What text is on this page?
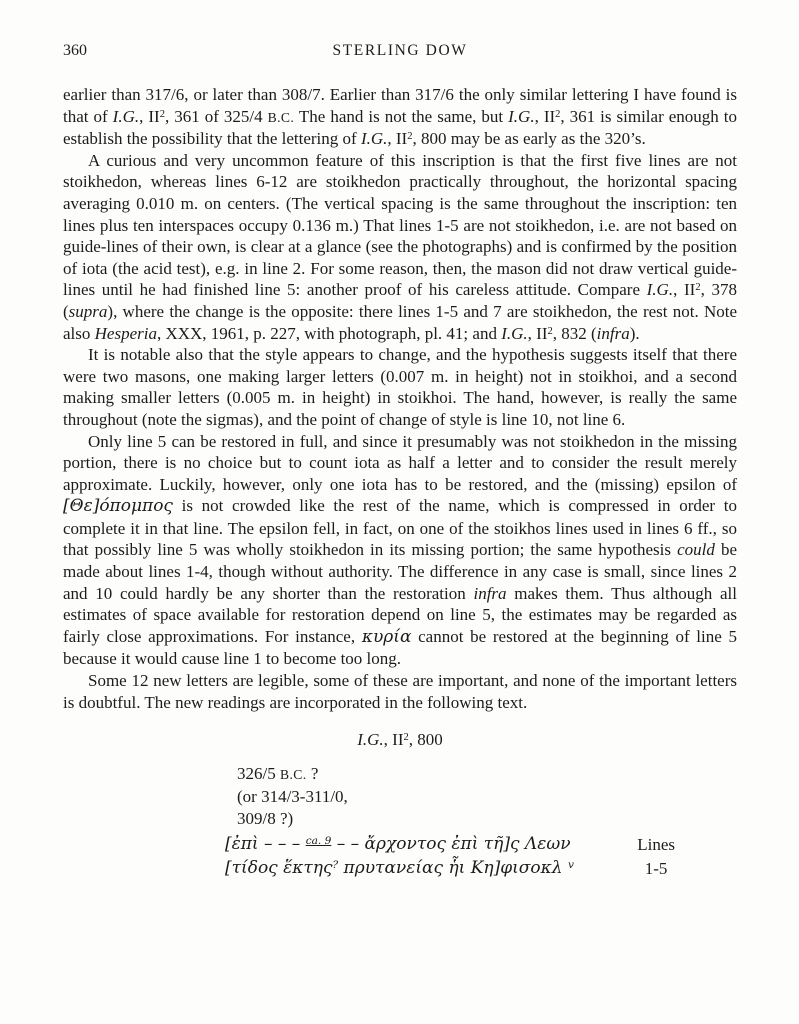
360	STERLING DOW

earlier than 317/6, or later than 308/7. Earlier than 317/6 the only similar lettering I have found is that of I.G., $II^2$, 361 of 325/4 B.C. The hand is not the same, but I.G., $II^2$, 361 is similar enough to establish the possibility that the lettering of I.G., $II^2$, 800 may be as early as the 320’s.

A curious and very uncommon feature of this inscription is that the first five lines are not stoikhedon, whereas lines 6-12 are stoikhedon practically throughout, the horizontal spacing averaging 0.010 m. on centers. (The vertical spacing is the same throughout the inscription: ten lines plus ten interspaces occupy 0.136 m.) That lines 1-5 are not stoikhedon, i.e. are not based on guide-lines of their own, is clear at a glance (see the photographs) and is confirmed by the position of iota (the acid test), e.g. in line 2. For some reason, then, the mason did not draw vertical guide-lines until he had finished line 5: another proof of his careless attitude. Compare I.G., $II^2$, 378 (supra), where the change is the opposite: there lines 1-5 and 7 are stoikhedon, the rest not. Note also Hesperia, XXX, 1961, p. 227, with photograph, pl. 41; and I.G., $II^2$, 832 (infra).

It is notable also that the style appears to change, and the hypothesis suggests itself that there were two masons, one making larger letters (0.007 m. in height) not in stoikhoi, and a second making smaller letters (0.005 m. in height) in stoikhoi. The hand, however, is really the same throughout (note the sigmas), and the point of change of style is line 10, not line 6.

Only line 5 can be restored in full, and since it presumably was not stoikhedon in the missing portion, there is no choice but to count iota as half a letter and to consider the result merely approximate. Luckily, however, only one iota has to be restored, and the (missing) epsilon of [Θε]όπομπος is not crowded like the rest of the name, which is compressed in order to complete it in that line. The epsilon fell, in fact, on one of the stoikhos lines used in lines 6 ff., so that possibly line 5 was wholly stoikhedon in its missing portion; the same hypothesis could be made about lines 1-4, though without authority. The difference in any case is small, since lines 2 and 10 could hardly be any shorter than the restoration infra makes them. Thus although all estimates of space available for restoration depend on line 5, the estimates may be regarded as fairly close approximations. For instance, κυρία cannot be restored at the beginning of line 5 because it would cause line 1 to become too long.

Some 12 new letters are legible, some of these are important, and none of the important letters is doubtful. The new readings are incorporated in the following text.

I.G., $II^2$, 800
326/5 B.C. ?
(or 314/3-311/0,
309/8 ?)
[ἐπὶ – – – $^{ca. 9}$ – – ἄρχοντος ἐπὶ τῆ]ς Λεων
[τίδος ἕκτης? πρυτανείας ἧι Κη]φισοκλ $^v$
Lines
1-5
